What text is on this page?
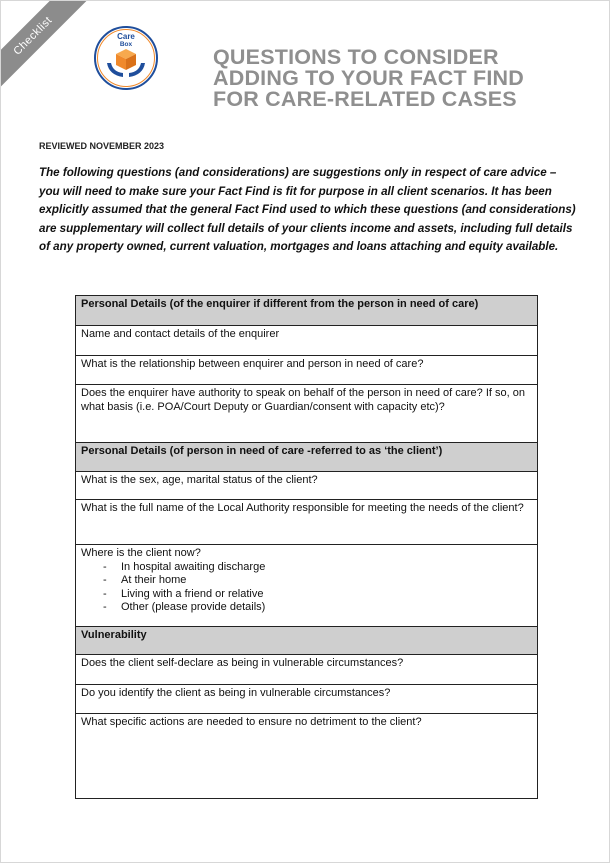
Checklist	Care
Box
QUESTIONS TO CONSIDER
ADDING TO YOUR FACT FIND
FOR CARE-RELATED CASES
REVIEWED NOVEMBER 2023
The following questions (and considerations) are suggestions only in respect of care advice – you will need to make sure your Fact Find is fit for purpose in all client scenarios. It has been explicitly assumed that the general Fact Find used to which these questions (and considerations) are supplementary will collect full details of your clients income and assets, including full details of any property owned, current valuation, mortgages and loans attaching and equity available.
Personal Details (of the enquirer if different from the person in need of care)
Name and contact details of the enquirer
What is the relationship between enquirer and person in need of care?
Does the enquirer have authority to speak on behalf of the person in need of care? If so, on what basis (i.e. POA/Court Deputy or Guardian/consent with capacity etc)?
Personal Details (of person in need of care -referred to as ‘the client’)
What is the sex, age, marital status of the client?
What is the full name of the Local Authority responsible for meeting the needs of the client?

Where is the client now?
- In hospital awaiting discharge
- At their home
- Living with a friend or relative
- Other (please provide details)

Vulnerability
Does the client self-declare as being in vulnerable circumstances?
Do you identify the client as being in vulnerable circumstances?
What specific actions are needed to ensure no detriment to the client?
